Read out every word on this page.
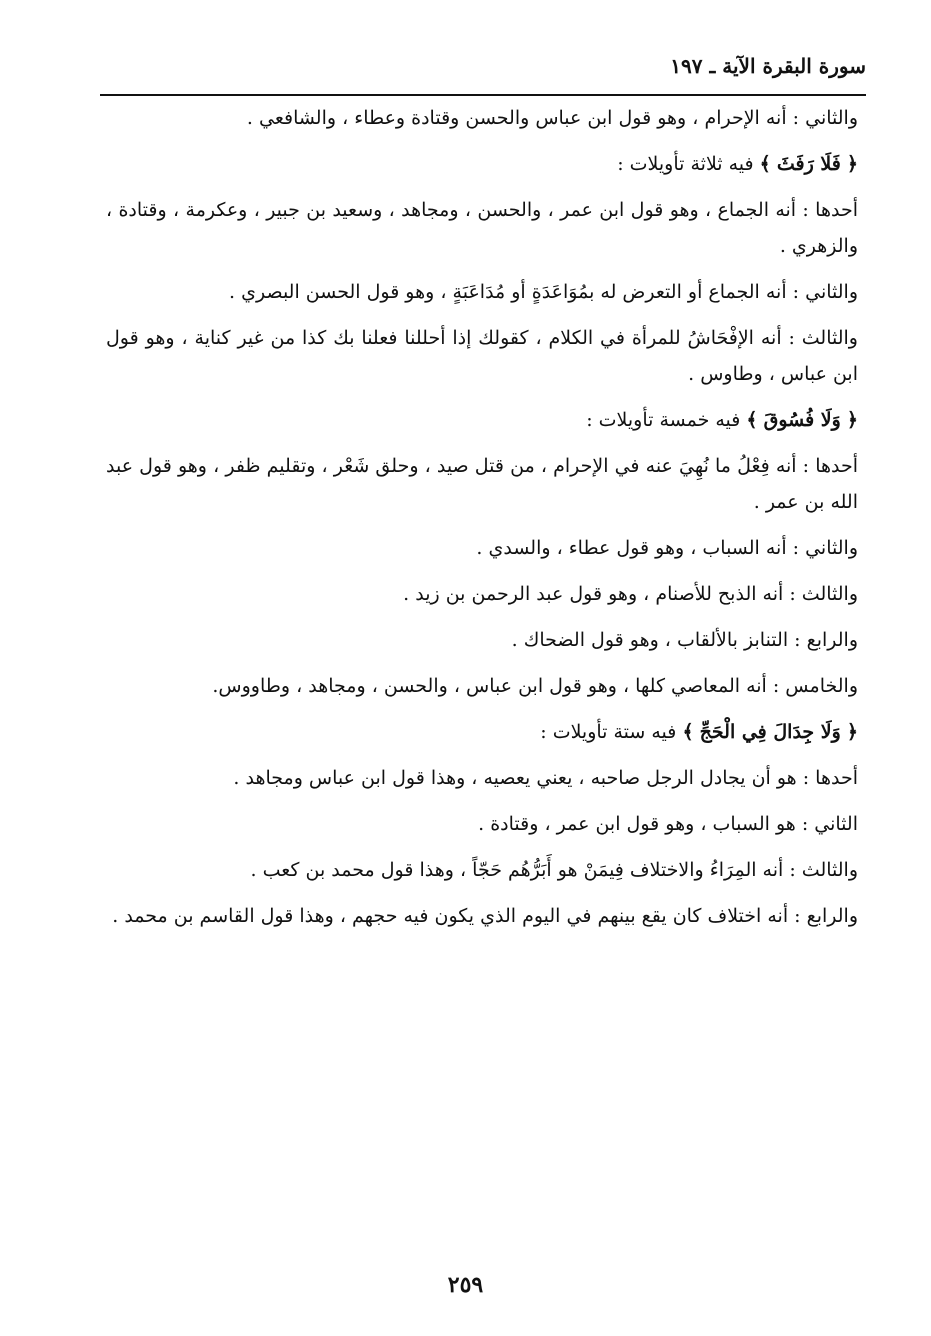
سورة البقرة الآية ـ ١٩٧

والثاني : أنه الإحرام ، وهو قول ابن عباس والحسن وقتادة وعطاء ، والشافعي .

﴿ فَلَا رَفَثَ ﴾ فيه ثلاثة تأويلات :

أحدها : أنه الجماع ، وهو قول ابن عمر ، والحسن ، ومجاهد ، وسعيد بن جبير ، وعكرمة ، وقتادة ، والزهري .

والثاني : أنه الجماع أو التعرض له بمُوَاعَدَةٍ أو مُدَاعَبَةٍ ، وهو قول الحسن البصري .

والثالث : أنه الإفْحَاشُ للمرأة في الكلام ، كقولك إذا أحللنا فعلنا بك كذا من غير كناية ، وهو قول ابن عباس ، وطاوس .

﴿ وَلَا فُسُوقَ ﴾ فيه خمسة تأويلات :

أحدها : أنه فِعْلُ ما نُهِيَ عنه في الإحرام ، من قتل صيد ، وحلق شَعْر ، وتقليم ظفر ، وهو قول عبد الله بن عمر .

والثاني : أنه السباب ، وهو قول عطاء ، والسدي .

والثالث : أنه الذبح للأصنام ، وهو قول عبد الرحمن بن زيد .

والرابع : التنابز بالألقاب ، وهو قول الضحاك .

والخامس : أنه المعاصي كلها ، وهو قول ابن عباس ، والحسن ، ومجاهد ، وطاووس.

﴿ وَلَا جِدَالَ فِي الْحَجِّ ﴾ فيه ستة تأويلات :

أحدها : هو أن يجادل الرجل صاحبه ، يعني يعصيه ، وهذا قول ابن عباس ومجاهد .

الثاني : هو السباب ، وهو قول ابن عمر ، وقتادة .

والثالث : أنه المِرَاءُ والاختلاف فِيمَنْ هو أَبَرُّهُم حَجّاً ، وهذا قول محمد بن كعب .

والرابع : أنه اختلاف كان يقع بينهم في اليوم الذي يكون فيه حجهم ، وهذا قول القاسم بن محمد .

٢٥٩
